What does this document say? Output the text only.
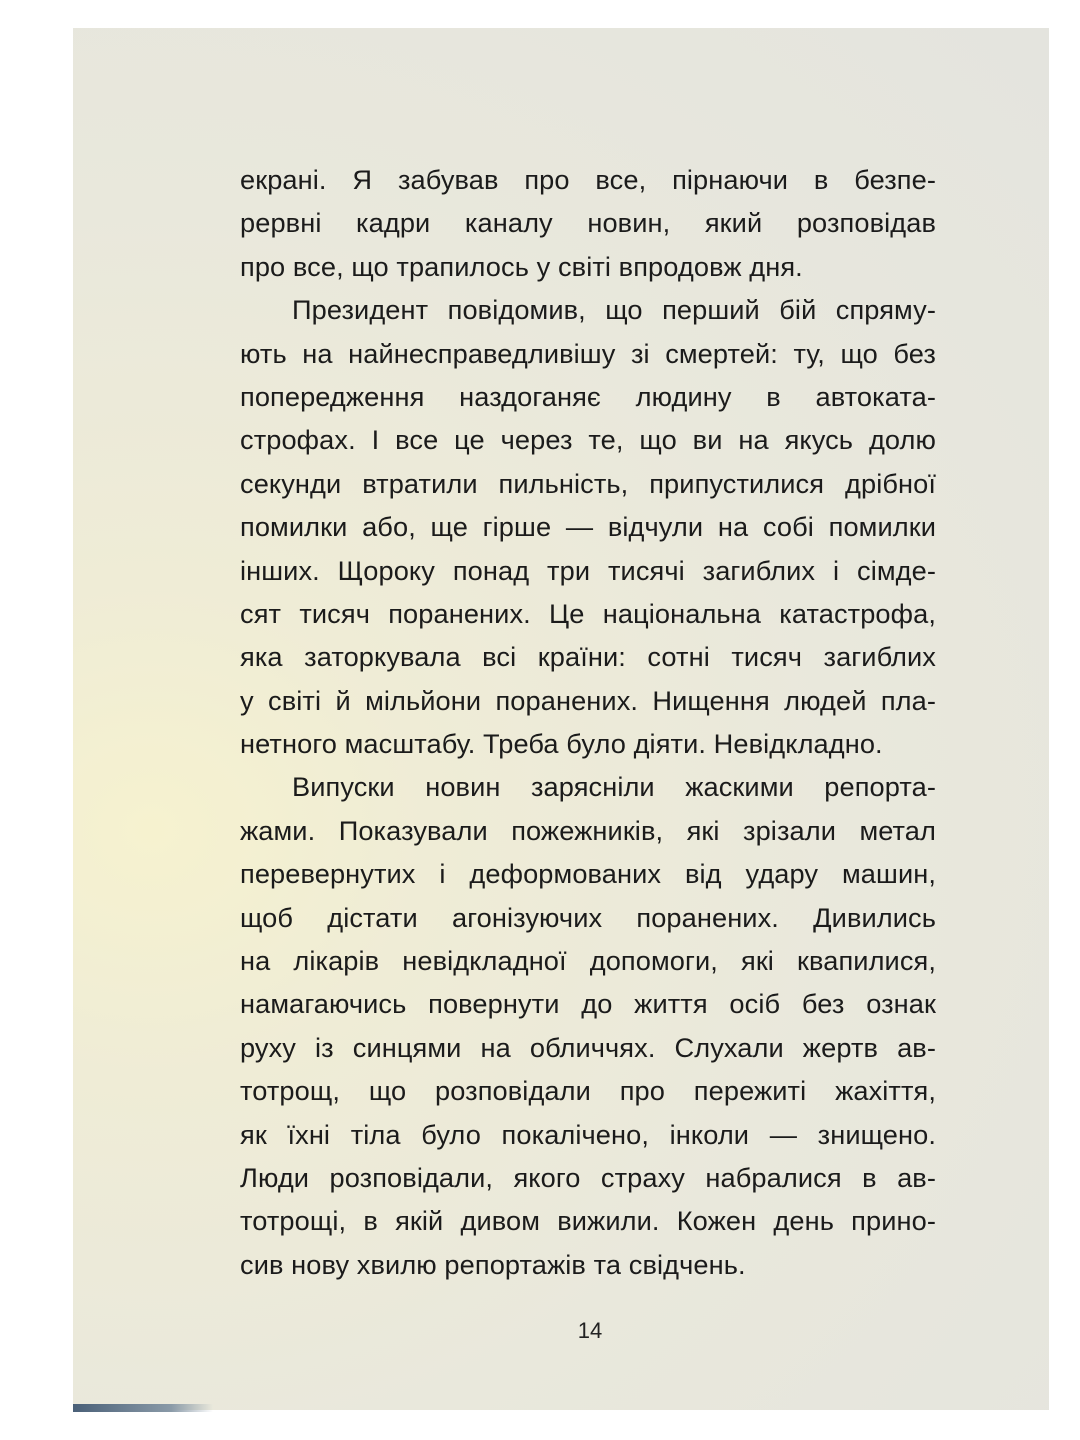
екрані. Я забував про все, пірнаючи в безпе-
рервні кадри каналу новин, який розповідав
про все, що трапилось у світі впродовж дня.
Президент повідомив, що перший бій спряму-
ють на найнесправедливішу зі смертей: ту, що без
попередження наздоганяє людину в автоката-
строфах. І все це через те, що ви на якусь долю
секунди втратили пильність, припустилися дрібної
помилки або, ще гірше — відчули на собі помилки
інших. Щороку понад три тисячі загиблих і сімде-
сят тисяч поранених. Це національна катастрофа,
яка заторкувала всі країни: сотні тисяч загиблих
у світі й мільйони поранених. Нищення людей пла-
нетного масштабу. Треба було діяти. Невідкладно.
Випуски новин зарясніли жаскими репорта-
жами. Показували пожежників, які зрізали метал
перевернутих і деформованих від удару машин,
щоб дістати агонізуючих поранених. Дивились
на лікарів невідкладної допомоги, які квапилися,
намагаючись повернути до життя осіб без ознак
руху із синцями на обличчях. Слухали жертв ав-
тотрощ, що розповідали про пережиті жахіття,
як їхні тіла було покалічено, інколи — знищено.
Люди розповідали, якого страху набралися в ав-
тотрощі, в якій дивом вижили. Кожен день прино-
сив нову хвилю репортажів та свідчень.
14
